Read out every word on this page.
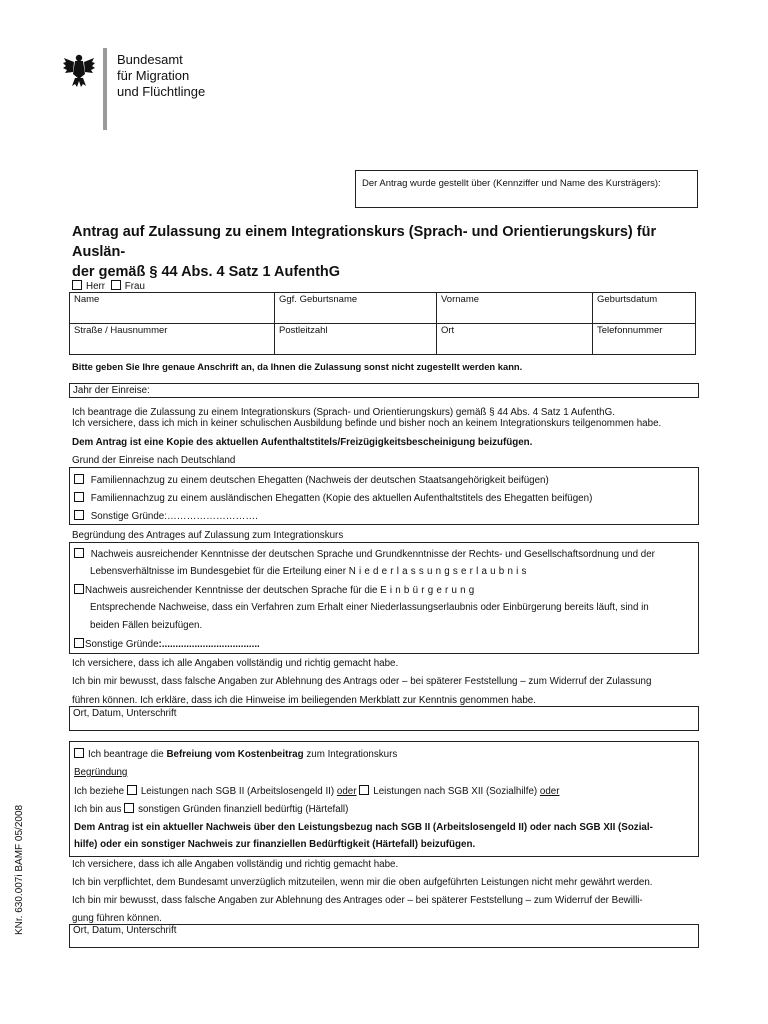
Bundesamt
für Migration
und Flüchtlinge
Der Antrag wurde gestellt über (Kennziffer und Name des Kursträgers):
Antrag auf Zulassung zu einem Integrationskurs (Sprach- und Orientierungskurs) für Auslän-
der gemäß § 44 Abs. 4 Satz 1 AufenthG
Herr Frau
Name	Ggf. Geburtsname	Vorname	Geburtsdatum
Straße / Hausnummer	Postleitzahl	Ort	Telefonnummer
Bitte geben Sie Ihre genaue Anschrift an, da Ihnen die Zulassung sonst nicht zugestellt werden kann.
Jahr der Einreise:
Ich beantrage die Zulassung zu einem Integrationskurs (Sprach- und Orientierungskurs) gemäß § 44 Abs. 4 Satz 1 AufenthG.
Ich versichere, dass ich mich in keiner schulischen Ausbildung befinde und bisher noch an keinem Integrationskurs teilgenommen habe.
Dem Antrag ist eine Kopie des aktuellen Aufenthaltstitels/Freizügigkeitsbescheinigung beizufügen.
Grund der Einreise nach Deutschland
Familiennachzug zu einem deutschen Ehegatten (Nachweis der deutschen Staatsangehörigkeit beifügen)
Familiennachzug zu einem ausländischen Ehegatten (Kopie des aktuellen Aufenthaltstitels des Ehegatten beifügen)
Sonstige Gründe:……………………….
Begründung des Antrages auf Zulassung zum Integrationskurs
Nachweis ausreichender Kenntnisse der deutschen Sprache und Grundkenntnisse der Rechts- und Gesellschaftsordnung und der
Lebensverhältnisse im Bundesgebiet für die Erteilung einer Niederlassungserlaubnis
Nachweis ausreichender Kenntnisse der deutschen Sprache für die Einbürgerung
Entsprechende Nachweise, dass ein Verfahren zum Erhalt einer Niederlassungserlaubnis oder Einbürgerung bereits läuft, sind in
beiden Fällen beizufügen.
Sonstige Gründe:....................................
Ich versichere, dass ich alle Angaben vollständig und richtig gemacht habe.
Ich bin mir bewusst, dass falsche Angaben zur Ablehnung des Antrags oder – bei späterer Feststellung – zum Widerruf der Zulassung
führen können. Ich erkläre, dass ich die Hinweise im beiliegenden Merkblatt zur Kenntnis genommen habe.
Ort, Datum, Unterschrift
Ich beantrage die Befreiung vom Kostenbeitrag zum Integrationskurs
Begründung
Ich beziehe Leistungen nach SGB II (Arbeitslosengeld II) oder Leistungen nach SGB XII (Sozialhilfe) oder
Ich bin aus sonstigen Gründen finanziell bedürftig (Härtefall)
Dem Antrag ist ein aktueller Nachweis über den Leistungsbezug nach SGB II (Arbeitslosengeld II) oder nach SGB XII (Sozial-
hilfe) oder ein sonstiger Nachweis zur finanziellen Bedürftigkeit (Härtefall) beizufügen.
Ich versichere, dass ich alle Angaben vollständig und richtig gemacht habe.
Ich bin verpflichtet, dem Bundesamt unverzüglich mitzuteilen, wenn mir die oben aufgeführten Leistungen nicht mehr gewährt werden.
Ich bin mir bewusst, dass falsche Angaben zur Ablehnung des Antrages oder – bei späterer Feststellung – zum Widerruf der Bewilli-
gung führen können.
Ort, Datum, Unterschrift
KNr. 630.007i BAMF 05/2008
